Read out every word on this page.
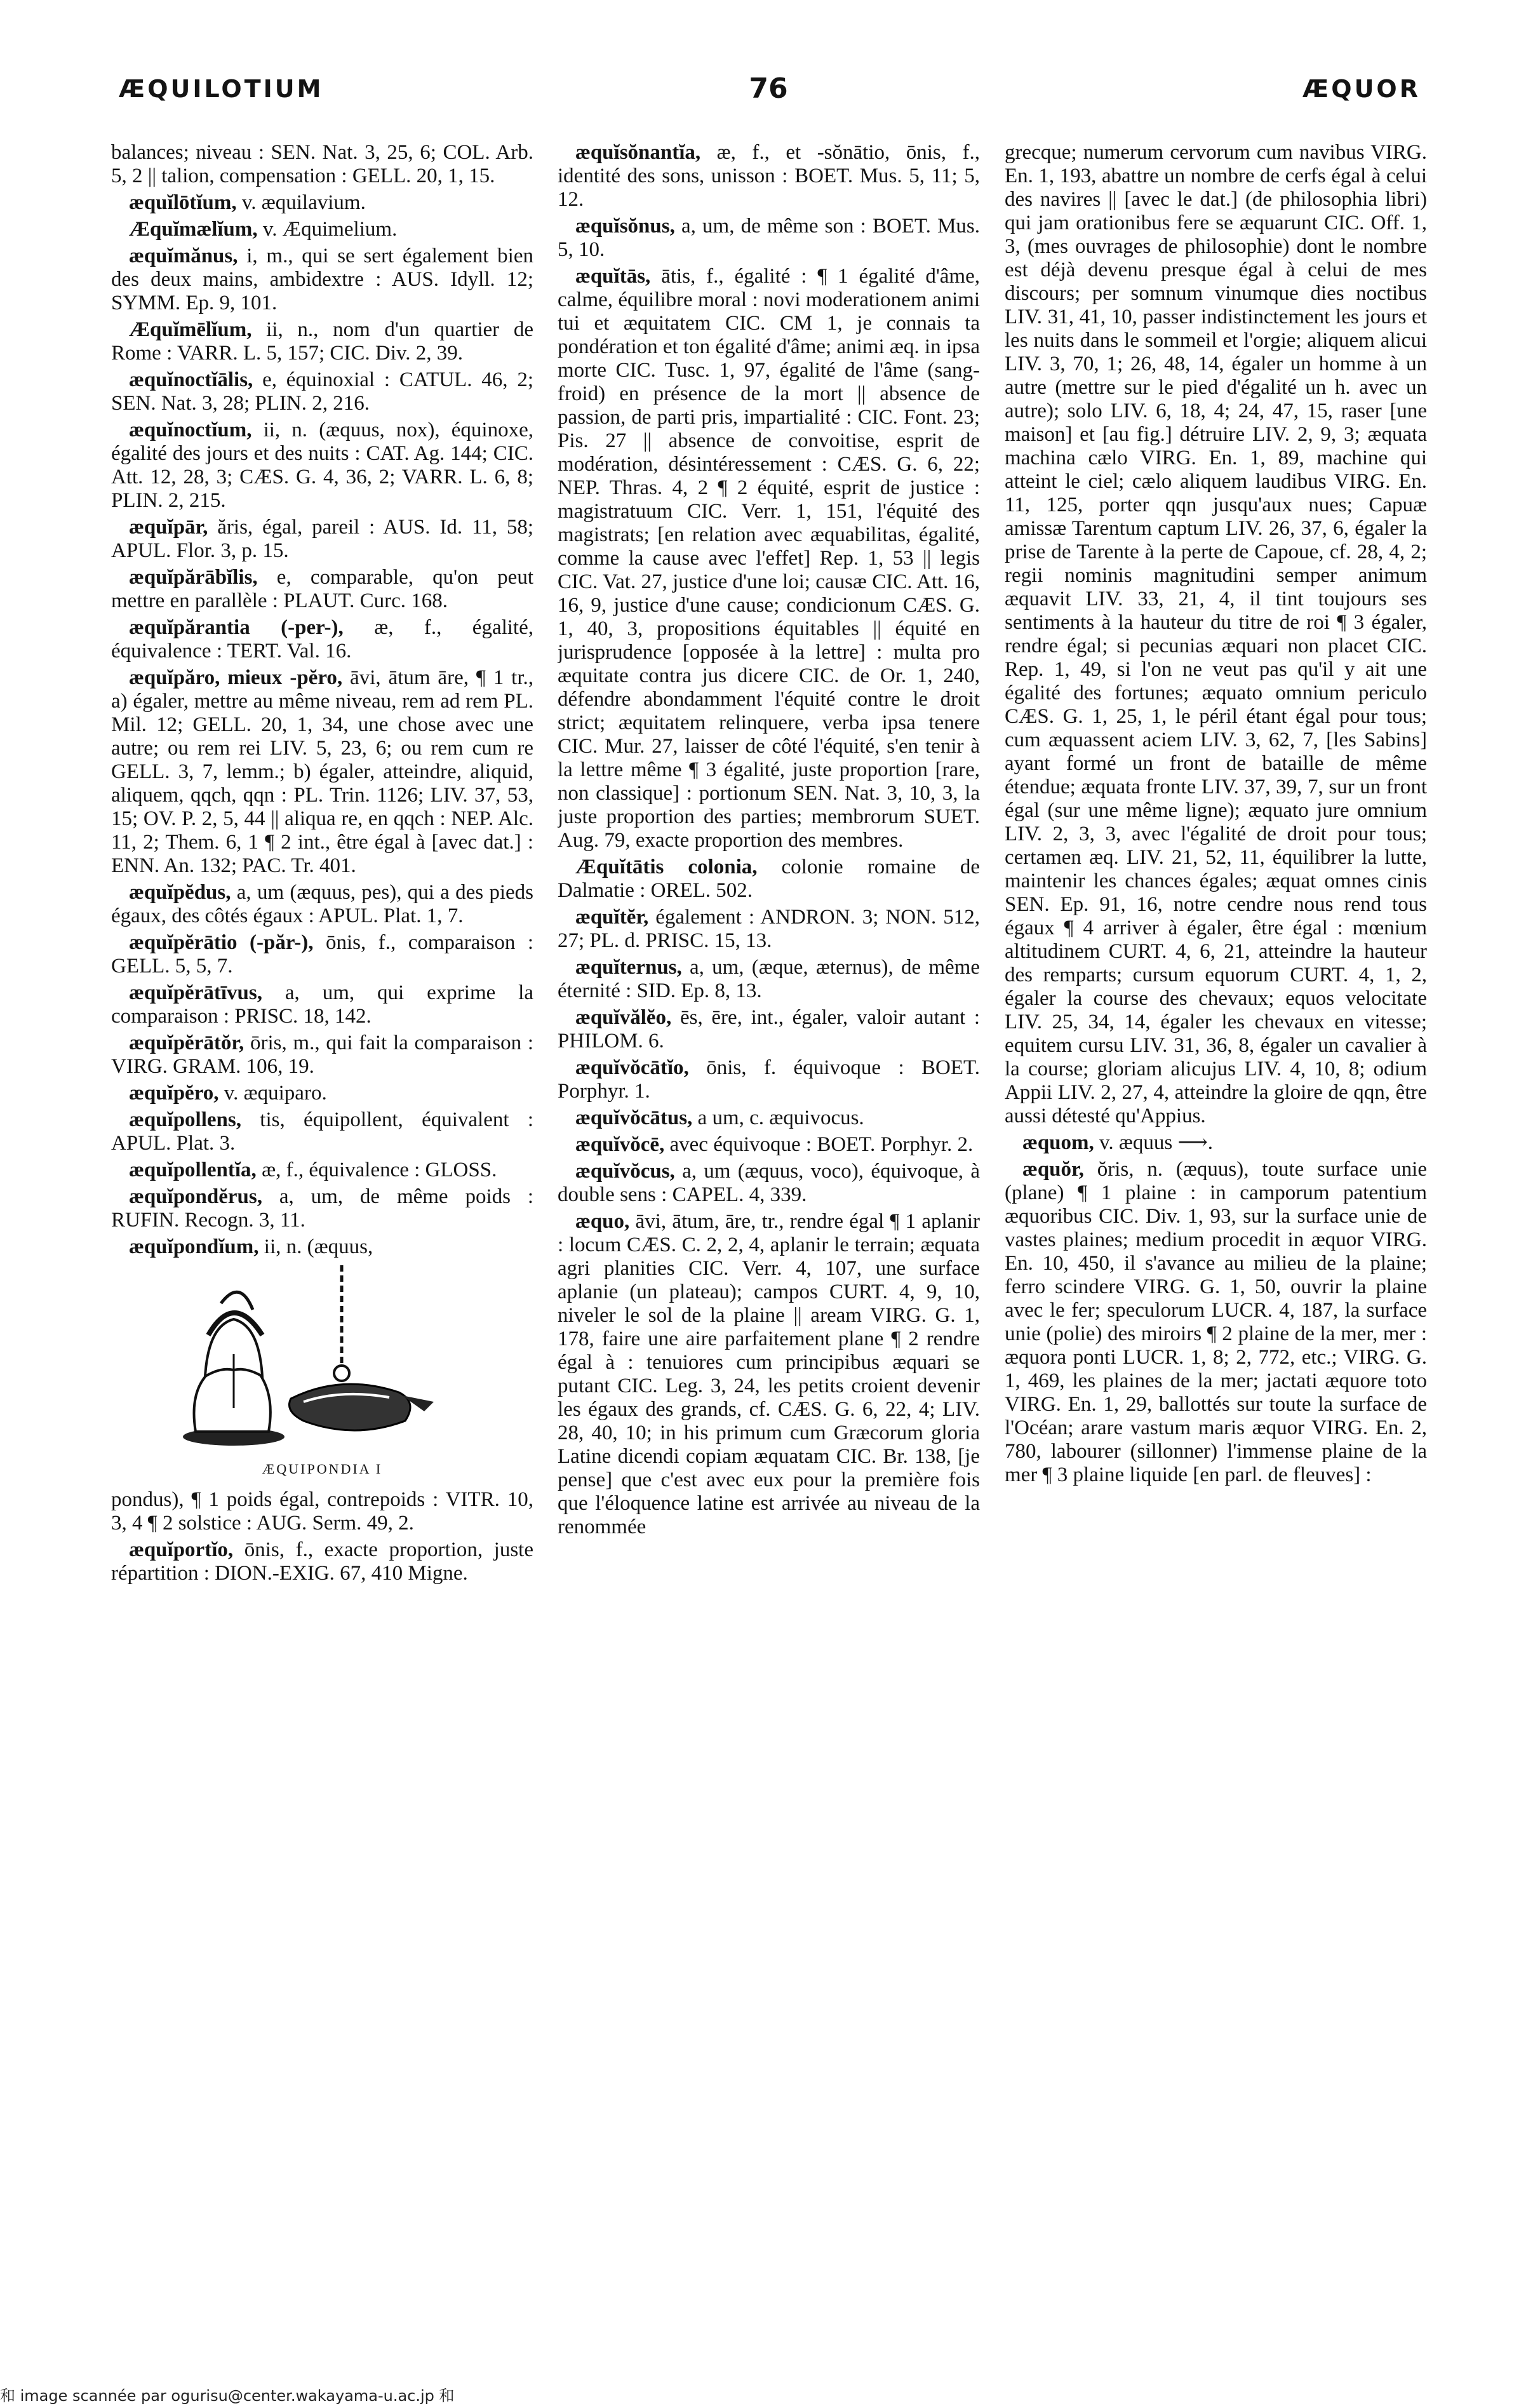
ÆQUILOTIUM	76	ÆQUOR

balances; niveau : SEN. Nat. 3, 25, 6; COL. Arb. 5, 2 || talion, compensation : GELL. 20, 1, 15.

æquĭlōtĭum, v. æquilavium.

Æquĭmælĭum, v. Æquimelium.

æquĭmănus, i, m., qui se sert également bien des deux mains, ambidextre : AUS. Idyll. 12; SYMM. Ep. 9, 101.

Æquĭmēlĭum, ii, n., nom d'un quartier de Rome : VARR. L. 5, 157; CIC. Div. 2, 39.

æquĭnoctĭālis, e, équinoxial : CATUL. 46, 2; SEN. Nat. 3, 28; PLIN. 2, 216.

æquĭnoctĭum, ii, n. (æquus, nox), équinoxe, égalité des jours et des nuits : CAT. Ag. 144; CIC. Att. 12, 28, 3; CÆS. G. 4, 36, 2; VARR. L. 6, 8; PLIN. 2, 215.

æquĭpār, ăris, égal, pareil : AUS. Id. 11, 58; APUL. Flor. 3, p. 15.

æquĭpărābĭlis, e, comparable, qu'on peut mettre en parallèle : PLAUT. Curc. 168.

æquĭpărantia (-per-), æ, f., égalité, équivalence : TERT. Val. 16.

æquĭpăro, mieux -pĕro, āvi, ātum āre, ¶ 1 tr., a) égaler, mettre au même niveau, rem ad rem PL. Mil. 12; GELL. 20, 1, 34, une chose avec une autre; ou rem rei LIV. 5, 23, 6; ou rem cum re GELL. 3, 7, lemm.; b) égaler, atteindre, aliquid, aliquem, qqch, qqn : PL. Trin. 1126; LIV. 37, 53, 15; OV. P. 2, 5, 44 || aliqua re, en qqch : NEP. Alc. 11, 2; Them. 6, 1 ¶ 2 int., être égal à [avec dat.] : ENN. An. 132; PAC. Tr. 401.

æquĭpĕdus, a, um (æquus, pes), qui a des pieds égaux, des côtés égaux : APUL. Plat. 1, 7.

æquĭpĕrātio (-păr-), ōnis, f., comparaison : GELL. 5, 5, 7.

æquĭpĕrātīvus, a, um, qui exprime la comparaison : PRISC. 18, 142.

æquĭpĕrātŏr, ōris, m., qui fait la comparaison : VIRG. GRAM. 106, 19.

æquĭpĕro, v. æquiparo.

æquĭpollens, tis, équipollent, équivalent : APUL. Plat. 3.

æquĭpollentĭa, æ, f., équivalence : GLOSS.

æquĭpondĕrus, a, um, de même poids : RUFIN. Recogn. 3, 11.

æquĭpondĭum, ii, n. (æquus,

ÆQUIPONDIA I

pondus), ¶ 1 poids égal, contrepoids : VITR. 10, 3, 4 ¶ 2 solstice : AUG. Serm. 49, 2.

æquĭportĭo, ōnis, f., exacte proportion, juste répartition : DION.-EXIG. 67, 410 Migne.

æquĭsŏnantĭa, æ, f., et -sŏnātio, ōnis, f., identité des sons, unisson : BOET. Mus. 5, 11; 5, 12.

æquĭsŏnus, a, um, de même son : BOET. Mus. 5, 10.

æquĭtās, ātis, f., égalité : ¶ 1 égalité d'âme, calme, équilibre moral : novi moderationem animi tui et æquitatem CIC. CM 1, je connais ta pondération et ton égalité d'âme; animi æq. in ipsa morte CIC. Tusc. 1, 97, égalité de l'âme (sang-froid) en présence de la mort || absence de passion, de parti pris, impartialité : CIC. Font. 23; Pis. 27 || absence de convoitise, esprit de modération, désintéressement : CÆS. G. 6, 22; NEP. Thras. 4, 2 ¶ 2 équité, esprit de justice : magistratuum CIC. Verr. 1, 151, l'équité des magistrats; [en relation avec æquabilitas, égalité, comme la cause avec l'effet] Rep. 1, 53 || legis CIC. Vat. 27, justice d'une loi; causæ CIC. Att. 16, 16, 9, justice d'une cause; condicionum CÆS. G. 1, 40, 3, propositions équitables || équité en jurisprudence [opposée à la lettre] : multa pro æquitate contra jus dicere CIC. de Or. 1, 240, défendre abondamment l'équité contre le droit strict; æquitatem relinquere, verba ipsa tenere CIC. Mur. 27, laisser de côté l'équité, s'en tenir à la lettre même ¶ 3 égalité, juste proportion [rare, non classique] : portionum SEN. Nat. 3, 10, 3, la juste proportion des parties; membrorum SUET. Aug. 79, exacte proportion des membres.

Æquĭtātis colonia, colonie romaine de Dalmatie : OREL. 502.

æquĭtĕr, également : ANDRON. 3; NON. 512, 27; PL. d. PRISC. 15, 13.

æquĭternus, a, um, (æque, æternus), de même éternité : SID. Ep. 8, 13.

æquĭvălĕo, ēs, ēre, int., égaler, valoir autant : PHILOM. 6.

æquĭvŏcātĭo, ōnis, f. équivoque : BOET. Porphyr. 1.

æquĭvŏcātus, a um, c. æquivocus.

æquĭvŏcē, avec équivoque : BOET. Porphyr. 2.

æquĭvŏcus, a, um (æquus, voco), équivoque, à double sens : CAPEL. 4, 339.

æquo, āvi, ātum, āre, tr., rendre égal ¶ 1 aplanir : locum CÆS. C. 2, 2, 4, aplanir le terrain; æquata agri planities CIC. Verr. 4, 107, une surface aplanie (un plateau); campos CURT. 4, 9, 10, niveler le sol de la plaine || aream VIRG. G. 1, 178, faire une aire parfaitement plane ¶ 2 rendre égal à : tenuiores cum principibus æquari se putant CIC. Leg. 3, 24, les petits croient devenir les égaux des grands, cf. CÆS. G. 6, 22, 4; LIV. 28, 40, 10; in his primum cum Græcorum gloria Latine dicendi copiam æquatam CIC. Br. 138, [je pense] que c'est avec eux pour la première fois que l'éloquence latine est arrivée au niveau de la renommée

grecque; numerum cervorum cum navibus VIRG. En. 1, 193, abattre un nombre de cerfs égal à celui des navires || [avec le dat.] (de philosophia libri) qui jam orationibus fere se æquarunt CIC. Off. 1, 3, (mes ouvrages de philosophie) dont le nombre est déjà devenu presque égal à celui de mes discours; per somnum vinumque dies noctibus LIV. 31, 41, 10, passer indistinctement les jours et les nuits dans le sommeil et l'orgie; aliquem alicui LIV. 3, 70, 1; 26, 48, 14, égaler un homme à un autre (mettre sur le pied d'égalité un h. avec un autre); solo LIV. 6, 18, 4; 24, 47, 15, raser [une maison] et [au fig.] détruire LIV. 2, 9, 3; æquata machina cælo VIRG. En. 1, 89, machine qui atteint le ciel; cælo aliquem laudibus VIRG. En. 11, 125, porter qqn jusqu'aux nues; Capuæ amissæ Tarentum captum LIV. 26, 37, 6, égaler la prise de Tarente à la perte de Capoue, cf. 28, 4, 2; regii nominis magnitudini semper animum æquavit LIV. 33, 21, 4, il tint toujours ses sentiments à la hauteur du titre de roi ¶ 3 égaler, rendre égal; si pecunias æquari non placet CIC. Rep. 1, 49, si l'on ne veut pas qu'il y ait une égalité des fortunes; æquato omnium periculo CÆS. G. 1, 25, 1, le péril étant égal pour tous; cum æquassent aciem LIV. 3, 62, 7, [les Sabins] ayant formé un front de bataille de même étendue; æquata fronte LIV. 37, 39, 7, sur un front égal (sur une même ligne); æquato jure omnium LIV. 2, 3, 3, avec l'égalité de droit pour tous; certamen æq. LIV. 21, 52, 11, équilibrer la lutte, maintenir les chances égales; æquat omnes cinis SEN. Ep. 91, 16, notre cendre nous rend tous égaux ¶ 4 arriver à égaler, être égal : mœnium altitudinem CURT. 4, 6, 21, atteindre la hauteur des remparts; cursum equorum CURT. 4, 1, 2, égaler la course des chevaux; equos velocitate LIV. 25, 34, 14, égaler les chevaux en vitesse; equitem cursu LIV. 31, 36, 8, égaler un cavalier à la course; gloriam alicujus LIV. 4, 10, 8; odium Appii LIV. 2, 27, 4, atteindre la gloire de qqn, être aussi détesté qu'Appius.

æquom, v. æquus ⟶.

æquŏr, ŏris, n. (æquus), toute surface unie (plane) ¶ 1 plaine : in camporum patentium æquoribus CIC. Div. 1, 93, sur la surface unie de vastes plaines; medium procedit in æquor VIRG. En. 10, 450, il s'avance au milieu de la plaine; ferro scindere VIRG. G. 1, 50, ouvrir la plaine avec le fer; speculorum LUCR. 4, 187, la surface unie (polie) des miroirs ¶ 2 plaine de la mer, mer : æquora ponti LUCR. 1, 8; 2, 772, etc.; VIRG. G. 1, 469, les plaines de la mer; jactati æquore toto VIRG. En. 1, 29, ballottés sur toute la surface de l'Océan; arare vastum maris æquor VIRG. En. 2, 780, labourer (sillonner) l'immense plaine de la mer ¶ 3 plaine liquide [en parl. de fleuves] :

和 image scannée par ogurisu@center.wakayama-u.ac.jp 和
